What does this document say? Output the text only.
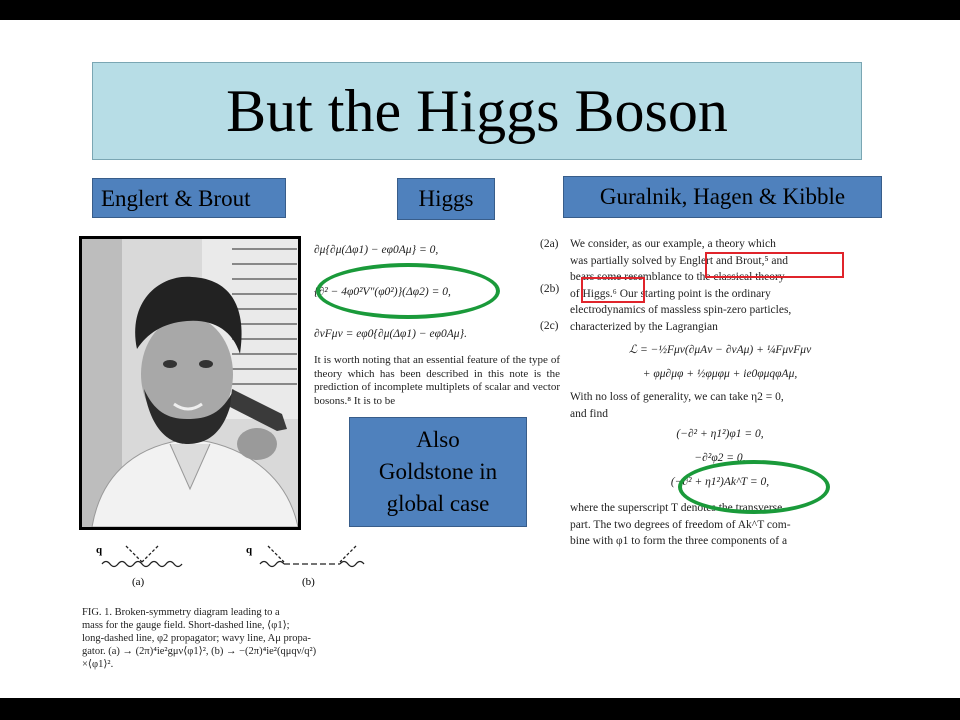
But the Higgs Boson
Englert & Brout	Higgs	Guralnik, Hagen & Kibble
∂μ{∂μ(Δφ1) − eφ0Aμ} = 0,
{∂² − 4φ0²V″(φ0²)}(Δφ2) = 0,
∂νFμν = eφ0{∂μ(Δφ1) − eφ0Aμ}.
It is worth noting that an essential feature of the type of theory which has been described in this note is the prediction of incomplete multiplets of scalar and vector bosons.⁸ It is to be
(2a)
(2b)
(2c)
We consider, as our example, a theory which
was partially solved by Englert and Brout,⁵ and
bears some resemblance to the classical theory
of Higgs.⁶ Our starting point is the ordinary
electrodynamics of massless spin-zero particles,
characterized by the Lagrangian
ℒ = −½Fμν(∂μAν − ∂νAμ) + ¼FμνFμν
+ φμ∂μφ + ½φμφμ + ie0φμqφAμ,
With no loss of generality, we can take η2 = 0,
and find
(−∂² + η1²)φ1 = 0,
−∂²φ2 = 0,
(−∂² + η1²)Ak^T = 0,
where the superscript T denotes the transverse
part. The two degrees of freedom of Ak^T com-
bine with φ1 to form the three components of a
Also
Goldstone in
global case
q	q
(a)	(b)
FIG. 1. Broken-symmetry diagram leading to a
mass for the gauge field. Short-dashed line, ⟨φ1⟩;
long-dashed line, φ2 propagator; wavy line, Aμ propa-
gator. (a) → (2π)⁴ie²gμν⟨φ1⟩², (b) → −(2π)⁴ie²(qμqν/q²)
×⟨φ1⟩².
